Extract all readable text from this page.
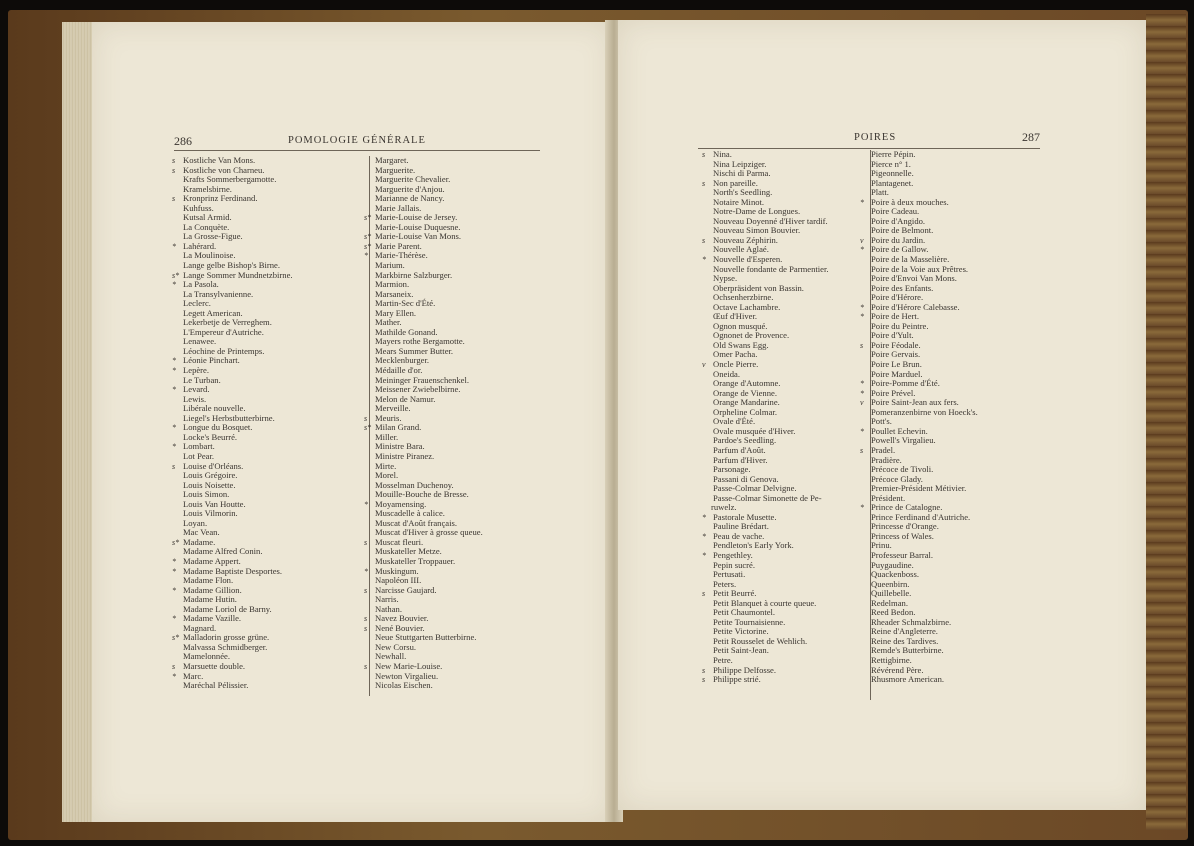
286	POMOLOGIE GÉNÉRALE
s Kostliche Van Mons.
s Kostliche von Charneu.
Krafts Sommerbergamotte.
Kramelsbirne.
s Kronprinz Ferdinand.
Kuhfuss.
Kutsal Armid.
La Conquète.
La Grosse-Figue.
* Lahérard.
La Moulinoise.
Lange gelbe Bishop's Birne.
s* Lange Sommer Mundnetzbirne.
* La Pasola.
La Transylvanienne.
Leclerc.
Legett American.
Lekerbetje de Verreghem.
L'Empereur d'Autriche.
Lenawee.
Léochine de Printemps.
* Léonie Pinchart.
* Lepère.
Le Turban.
* Levard.
Lewis.
Libérale nouvelle.
Liegel's Herbstbutterbirne.
* Longue du Bosquet.
Locke's Beurré.
* Lombart.
Lot Pear.
s Louise d'Orléans.
Louis Grégoire.
Louis Noisette.
Louis Simon.
Louis Van Houtte.
Louis Vilmorin.
Loyan.
Mac Vean.
s* Madame.
Madame Alfred Conin.
* Madame Appert.
* Madame Baptiste Desportes.
Madame Flon.
* Madame Gillion.
Madame Hutin.
Madame Loriol de Barny.
* Madame Vazille.
Magnard.
s* Malladorin grosse grüne.
Malvassa Schmidberger.
Mamelonnée.
s Marsuette double.
* Marc.
Maréchal Pélissier.
Margaret.
Marguerite.
Marguerite Chevalier.
Marguerite d'Anjou.
Marianne de Nancy.
Marie Jallais.
s* Marie-Louise de Jersey.
Marie-Louise Duquesne.
s* Marie-Louise Van Mons.
s* Marie Parent.
* Marie-Thérèse.
Marium.
Markbirne Salzburger.
Marmion.
Marsaneix.
Martin-Sec d'Été.
Mary Ellen.
Mather.
Mathilde Gonand.
Mayers rothe Bergamotte.
Mears Summer Butter.
Mecklenburger.
Médaille d'or.
Meininger Frauenschenkel.
Meissener Zwiebelbirne.
Melon de Namur.
Merveille.
s Meuris.
s* Milan Grand.
Miller.
Ministre Bara.
Ministre Piranez.
Mirte.
Morel.
Mosselman Duchenoy.
Mouille-Bouche de Bresse.
* Moyamensing.
Muscadelle à calice.
Muscat d'Août français.
Muscat d'Hiver à grosse queue.
s Muscat fleuri.
Muskateller Metze.
Muskateller Troppauer.
* Muskingum.
Napoléon III.
s Narcisse Gaujard.
Narris.
Nathan.
s Navez Bouvier.
s Nené Bouvier.
Neue Stuttgarten Butterbirne.
New Corsu.
Newhall.
s New Marie-Louise.
Newton Virgalieu.
Nicolas Eischen.
POIRES	287
s Nina.
Nina Leipziger.
Nischi di Parma.
s Non pareille.
North's Seedling.
Notaire Minot.
Notre-Dame de Longues.
Nouveau Doyenné d'Hiver tardif.
Nouveau Simon Bouvier.
s Nouveau Zéphirin.
Nouvelle Aglaé.
* Nouvelle d'Esperen.
Nouvelle fondante de Parmentier.
Nypse.
Oberpräsident von Bassin.
Ochsenherzbirne.
Octave Lachambre.
Œuf d'Hiver.
Ognon musqué.
Ognonet de Provence.
Old Swans Egg.
Omer Pacha.
v Oncle Pierre.
Oneida.
Orange d'Automne.
Orange de Vienne.
Orange Mandarine.
Orpheline Colmar.
Ovale d'Été.
Ovale musquée d'Hiver.
Pardoe's Seedling.
Parfum d'Août.
Parfum d'Hiver.
Parsonage.
Passani di Genova.
Passe-Colmar Delvigne.
Passe-Colmar Simonette de Pe-
ruwelz.
* Pastorale Musette.
Pauline Brédart.
* Peau de vache.
Pendleton's Early York.
* Pengethley.
Pepin sucré.
Pertusati.
Peters.
s Petit Beurré.
Petit Blanquet à courte queue.
Petit Chaumontel.
Petite Tournaisienne.
Petite Victorine.
Petit Rousselet de Wehlich.
Petit Saint-Jean.
Petre.
s Philippe Delfosse.
s Philippe strié.
Pierre Pépin.
Pierce n° 1.
Pigeonnelle.
Plantagenet.
Platt.
* Poire à deux mouches.
Poire Cadeau.
Poire d'Angido.
Poire de Belmont.
v Poire du Jardin.
* Poire de Gallow.
Poire de la Masselière.
Poire de la Voie aux Prêtres.
Poire d'Envoi Van Mons.
Poire des Enfants.
Poire d'Hérore.
* Poire d'Hérore Calebasse.
* Poire de Hert.
Poire du Peintre.
Poire d'Yult.
s Poire Féodale.
Poire Gervais.
Poire Le Brun.
Poire Marduel.
* Poire-Pomme d'Été.
* Poire Prével.
v Poire Saint-Jean aux fers.
Pomeranzenbirne von Hoeck's.
Pott's.
* Poullet Echevin.
Powell's Virgalieu.
s Pradel.
Pradière.
Précoce de Tivoli.
Précoce Glady.
Premier-Président Métivier.
Président.
* Prince de Catalogne.
Prince Ferdinand d'Autriche.
Princesse d'Orange.
Princess of Wales.
Prinu.
Professeur Barral.
Puygaudine.
Quackenboss.
Queenbirn.
Quillebelle.
Redelman.
Reed Bedon.
Rheader Schmalzbirne.
Reine d'Angleterre.
Reine des Tardives.
Remde's Butterbirne.
Rettigbirne.
Révérend Père.
Rhusmore American.
